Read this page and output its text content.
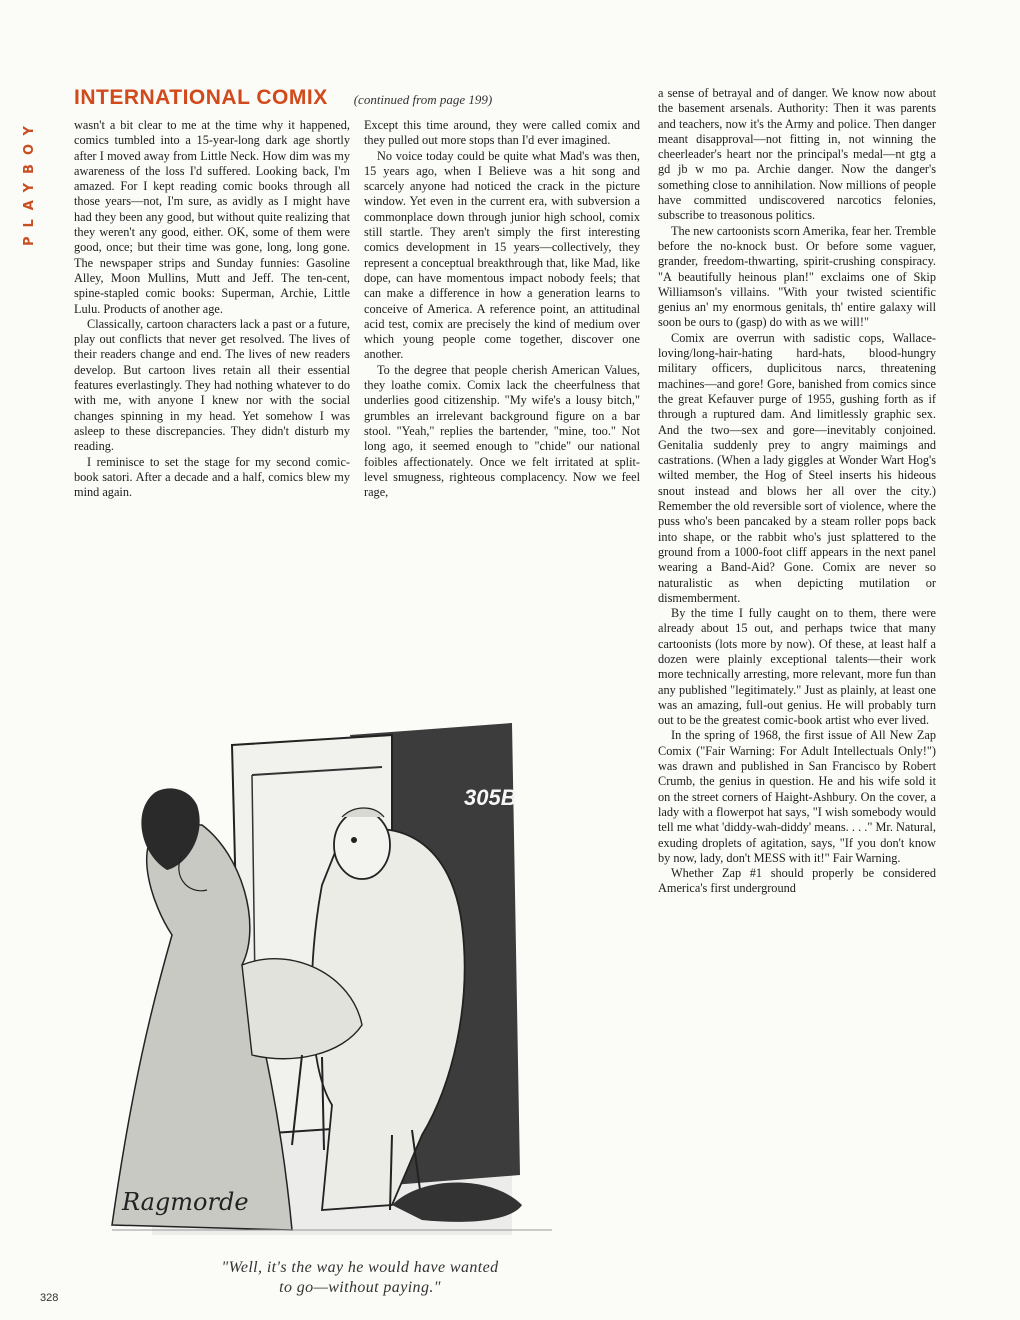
PLAYBOY
INTERNATIONAL COMIX (continued from page 199)

wasn't a bit clear to me at the time why it happened, comics tumbled into a 15-year-long dark age shortly after I moved away from Little Neck. How dim was my awareness of the loss I'd suffered. Looking back, I'm amazed. For I kept reading comic books through all those years—not, I'm sure, as avidly as I might have had they been any good, but without quite realizing that they weren't any good, either. OK, some of them were good, once; but their time was gone, long, long gone. The newspaper strips and Sunday funnies: Gasoline Alley, Moon Mullins, Mutt and Jeff. The ten-cent, spine-stapled comic books: Superman, Archie, Little Lulu. Products of another age.

Classically, cartoon characters lack a past or a future, play out conflicts that never get resolved. The lives of their readers change and end. The lives of new readers develop. But cartoon lives retain all their essential features everlastingly. They had nothing whatever to do with me, with anyone I knew nor with the social changes spinning in my head. Yet somehow I was asleep to these discrepancies. They didn't disturb my reading.

I reminisce to set the stage for my second comic-book satori. After a decade and a half, comics blew my mind again.

Except this time around, they were called comix and they pulled out more stops than I'd ever imagined.

No voice today could be quite what Mad's was then, 15 years ago, when I Believe was a hit song and scarcely anyone had noticed the crack in the picture window. Yet even in the current era, with subversion a commonplace down through junior high school, comix still startle. They aren't simply the first interesting comics development in 15 years—collectively, they represent a conceptual breakthrough that, like Mad, like dope, can have momentous impact nobody feels; that can make a difference in how a generation learns to conceive of America. A reference point, an attitudinal acid test, comix are precisely the kind of medium over which young people come together, discover one another.

To the degree that people cherish American Values, they loathe comix. Comix lack the cheerfulness that underlies good citizenship. "My wife's a lousy bitch," grumbles an irrelevant background figure on a bar stool. "Yeah," replies the bartender, "mine, too." Not long ago, it seemed enough to "chide" our national foibles affectionately. Once we felt irritated at split-level smugness, righteous complacency. Now we feel rage,

a sense of betrayal and of danger. We know now about the basement arsenals. Authority: Then it was parents and teachers, now it's the Army and police. Then danger meant disapproval—not fitting in, not winning the cheerleader's heart nor the principal's medal—nt gtg a gd jb w mo pa. Archie danger. Now the danger's something close to annihilation. Now millions of people have committed undiscovered narcotics felonies, subscribe to treasonous politics.

The new cartoonists scorn Amerika, fear her. Tremble before the no-knock bust. Or before some vaguer, grander, freedom-thwarting, spirit-crushing conspiracy. "A beautifully heinous plan!" exclaims one of Skip Williamson's villains. "With your twisted scientific genius an' my enormous genitals, th' entire galaxy will soon be ours to (gasp) do with as we will!"

Comix are overrun with sadistic cops, Wallace-loving/long-hair-hating hard-hats, blood-hungry military officers, duplicitous narcs, threatening machines—and gore! Gore, banished from comics since the great Kefauver purge of 1955, gushing forth as if through a ruptured dam. And limitlessly graphic sex. And the two—sex and gore—inevitably conjoined. Genitalia suddenly prey to angry maimings and castrations. (When a lady giggles at Wonder Wart Hog's wilted member, the Hog of Steel inserts his hideous snout instead and blows her all over the city.) Remember the old reversible sort of violence, where the puss who's been pancaked by a steam roller pops back into shape, or the rabbit who's just splattered to the ground from a 1000-foot cliff appears in the next panel wearing a Band-Aid? Gone. Comix are never so naturalistic as when depicting mutilation or dismemberment.

By the time I fully caught on to them, there were already about 15 out, and perhaps twice that many cartoonists (lots more by now). Of these, at least half a dozen were plainly exceptional talents—their work more technically arresting, more relevant, more fun than any published "legitimately." Just as plainly, at least one was an amazing, full-out genius. He will probably turn out to be the greatest comic-book artist who ever lived.

In the spring of 1968, the first issue of All New Zap Comix ("Fair Warning: For Adult Intellectuals Only!") was drawn and published in San Francisco by Robert Crumb, the genius in question. He and his wife sold it on the street corners of Haight-Ashbury. On the cover, a lady with a flowerpot hat says, "I wish somebody would tell me what 'diddy-wah-diddy' means. . . ." Mr. Natural, exuding droplets of agitation, says, "If you don't know by now, lady, don't MESS with it!" Fair Warning.

Whether Zap #1 should properly be considered America's first underground

305B
Ragmorde
"Well, it's the way he would have wanted
to go—without paying."
328
